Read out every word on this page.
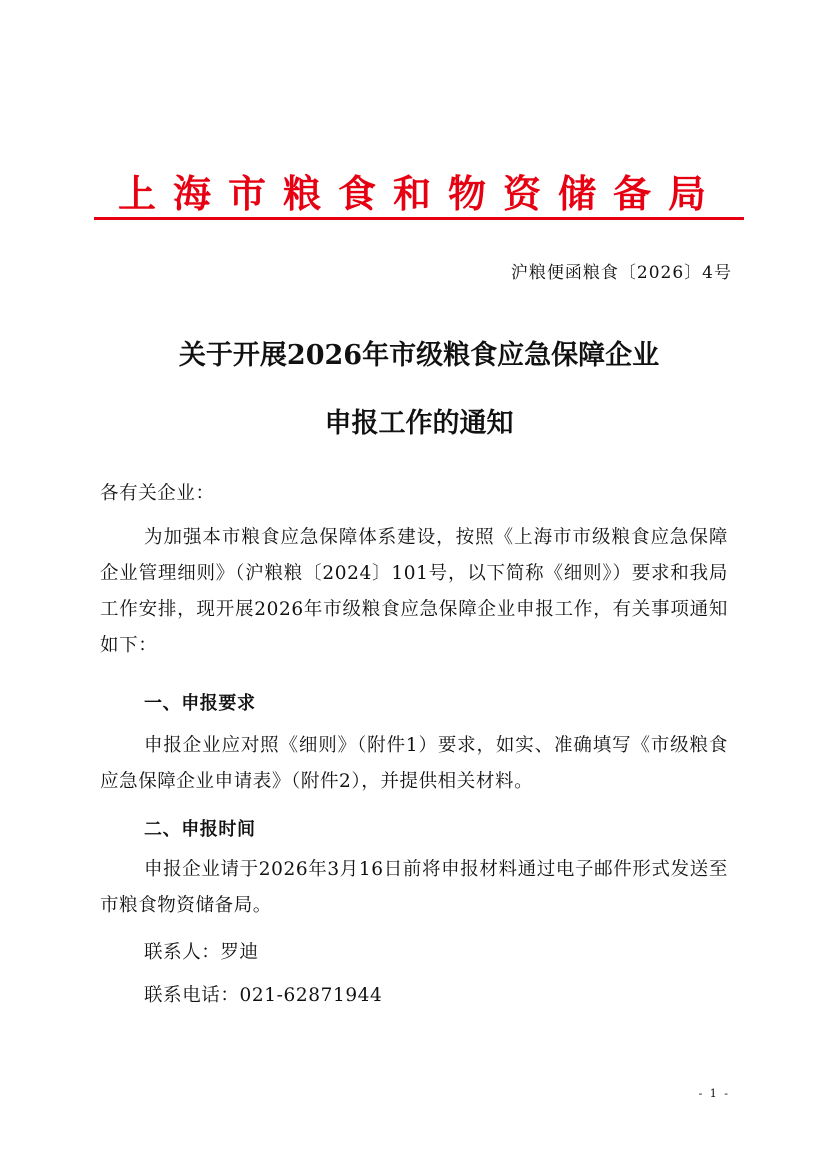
上海市粮食和物资储备局
沪粮便函粮食〔2026〕4号
关于开展2026年市级粮食应急保障企业
申报工作的通知
各有关企业：
为加强本市粮食应急保障体系建设，按照《上海市市级粮食应急保障企业管理细则》（沪粮粮〔2024〕101号，以下简称《细则》）要求和我局工作安排，现开展2026年市级粮食应急保障企业申报工作，有关事项通知如下：
一、申报要求
申报企业应对照《细则》（附件1）要求，如实、准确填写《市级粮食应急保障企业申请表》（附件2），并提供相关材料。
二、申报时间
申报企业请于2026年3月16日前将申报材料通过电子邮件形式发送至市粮食物资储备局。
联系人：罗迪
联系电话：021-62871944
- 1 -
